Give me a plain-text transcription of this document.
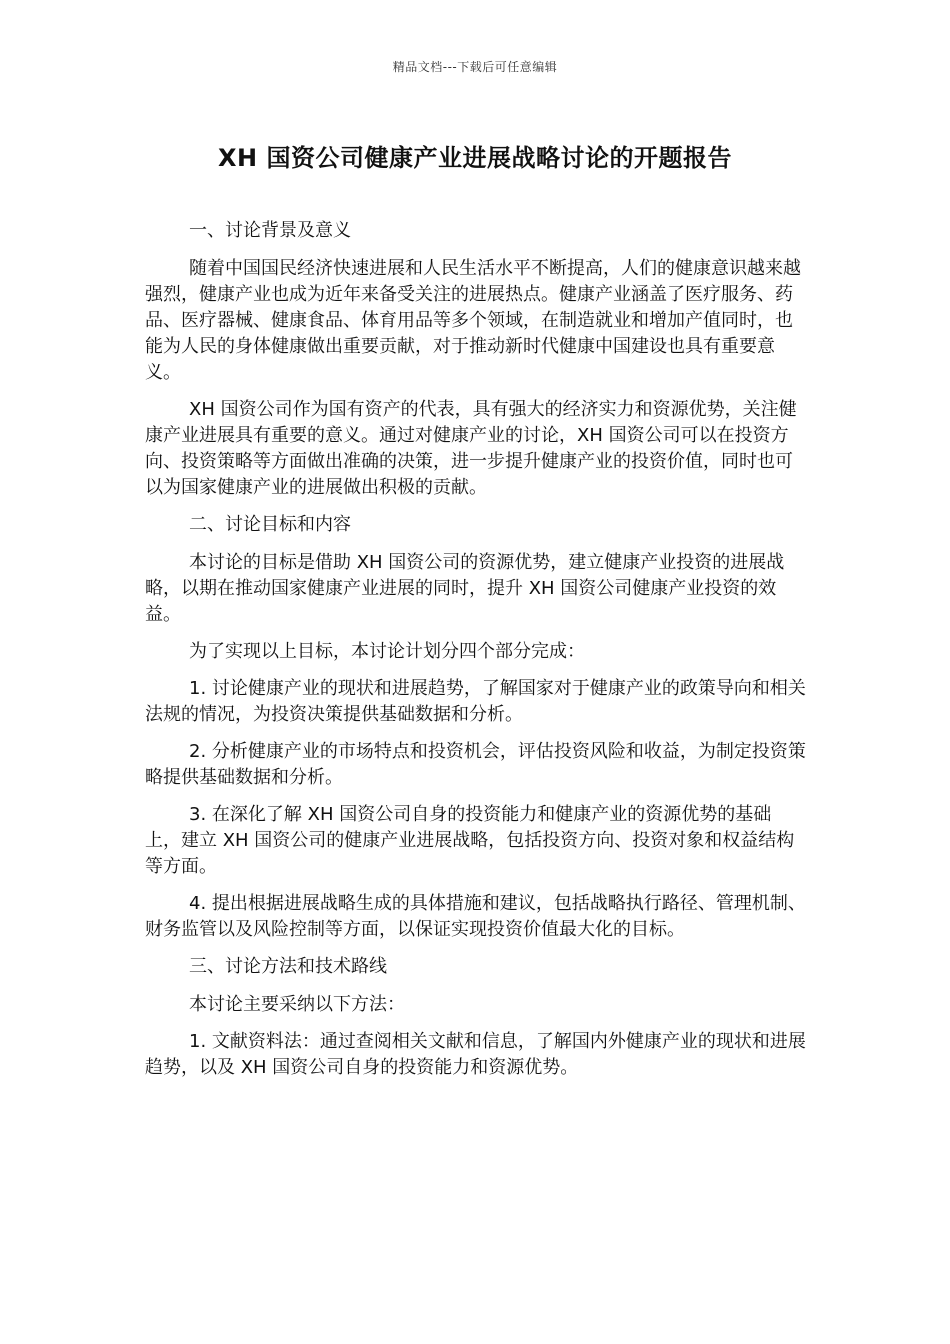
精品文档---下载后可任意编辑
XH 国资公司健康产业进展战略讨论的开题报告

一、讨论背景及意义

随着中国国民经济快速进展和人民生活水平不断提高，人们的健康意识越来越强烈，健康产业也成为近年来备受关注的进展热点。健康产业涵盖了医疗服务、药品、医疗器械、健康食品、体育用品等多个领域，在制造就业和增加产值同时，也能为人民的身体健康做出重要贡献，对于推动新时代健康中国建设也具有重要意义。

XH 国资公司作为国有资产的代表，具有强大的经济实力和资源优势，关注健康产业进展具有重要的意义。通过对健康产业的讨论，XH 国资公司可以在投资方向、投资策略等方面做出准确的决策，进一步提升健康产业的投资价值，同时也可以为国家健康产业的进展做出积极的贡献。

二、讨论目标和内容

本讨论的目标是借助 XH 国资公司的资源优势，建立健康产业投资的进展战略，以期在推动国家健康产业进展的同时，提升 XH 国资公司健康产业投资的效益。

为了实现以上目标，本讨论计划分四个部分完成：

1. 讨论健康产业的现状和进展趋势，了解国家对于健康产业的政策导向和相关法规的情况，为投资决策提供基础数据和分析。

2. 分析健康产业的市场特点和投资机会，评估投资风险和收益，为制定投资策略提供基础数据和分析。

3. 在深化了解 XH 国资公司自身的投资能力和健康产业的资源优势的基础上，建立 XH 国资公司的健康产业进展战略，包括投资方向、投资对象和权益结构等方面。

4. 提出根据进展战略生成的具体措施和建议，包括战略执行路径、管理机制、财务监管以及风险控制等方面，以保证实现投资价值最大化的目标。

三、讨论方法和技术路线

本讨论主要采纳以下方法：

1. 文献资料法：通过查阅相关文献和信息，了解国内外健康产业的现状和进展趋势，以及 XH 国资公司自身的投资能力和资源优势。
